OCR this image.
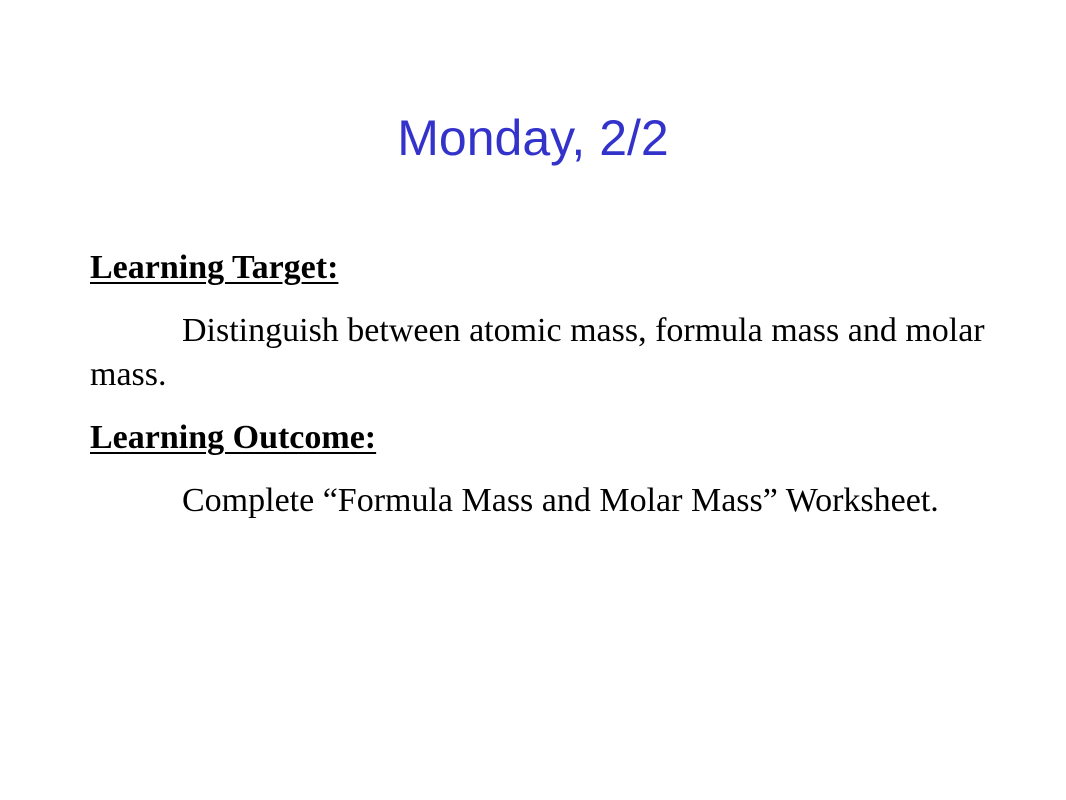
Monday, 2/2

Learning Target:

Distinguish between atomic mass, formula mass and molar mass.

Learning Outcome:

Complete “Formula Mass and Molar Mass” Worksheet.
